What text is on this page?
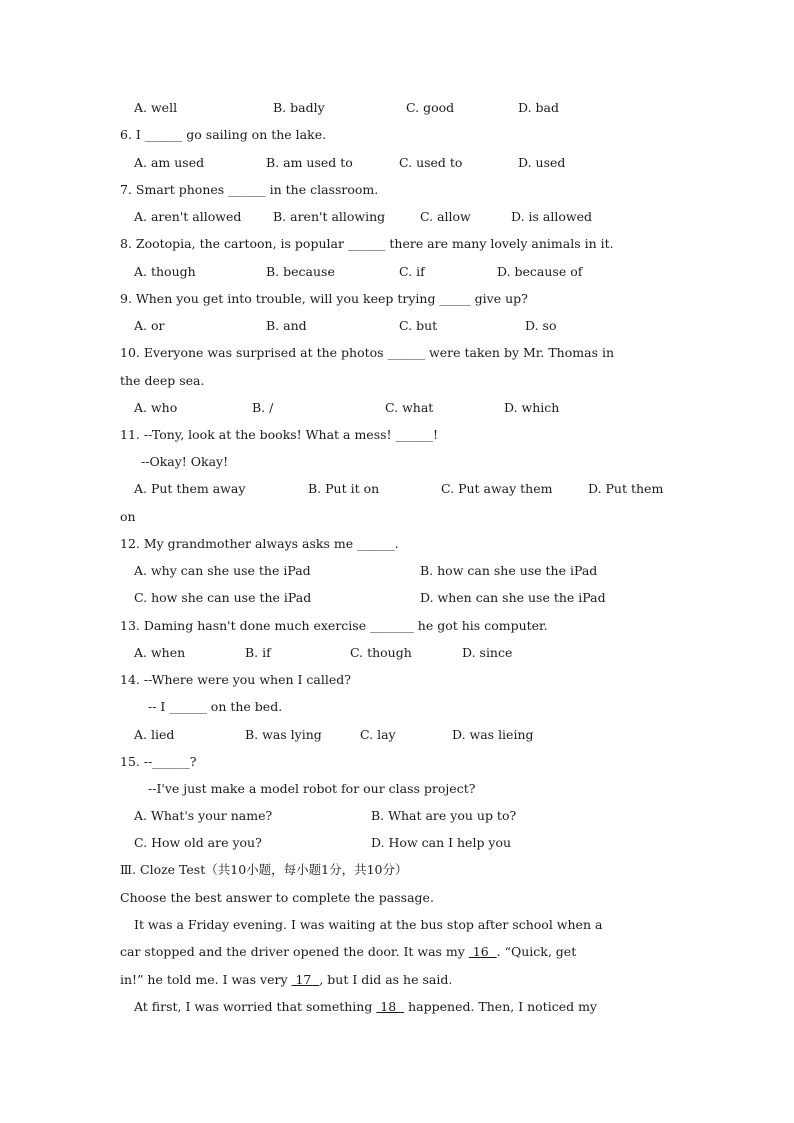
A. well	B. badly	C. good	D. bad
6. I ______ go sailing on the lake.
A. am used	B. am used to	C. used to	D. used
7. Smart phones ______ in the classroom.
A. aren't allowed	B. aren't allowing	C. allow	D. is allowed
8. Zootopia, the cartoon, is popular ______ there are many lovely animals in it.
A. though	B. because	C. if	D. because of
9. When you get into trouble, will you keep trying _____ give up?
A. or	B. and	C. but	D. so
10. Everyone was surprised at the photos ______ were taken by Mr. Thomas in
the deep sea.
A. who	B. /	C. what	D. which
11. --Tony, look at the books! What a mess! ______!
--Okay! Okay!
A. Put them away	B. Put it on	C. Put away them	D. Put them
on
12. My grandmother always asks me ______.
A. why can she use the iPad	B. how can she use the iPad
C. how she can use the iPad	D. when can she use the iPad
13. Daming hasn't done much exercise _______ he got his computer.
A. when	B. if	C. though	D. since
14. --Where were you when I called?
-- I ______ on the bed.
A. lied	B. was lying	C. lay	D. was lieing
15. --______?
--I've just make a model robot for our class project?
A. What's your name?	B. What are you up to?
C. How old are you?	D. How can I help you
Ⅲ. Cloze Test（共10小题，每小题1分，共10分）
Choose the best answer to complete the passage.
It was a Friday evening. I was waiting at the bus stop after school when a
car stopped and the driver opened the door. It was my  16  . “Quick, get
in!” he told me. I was very  17  , but I did as he said.
At first, I was worried that something  18   happened. Then, I noticed my
